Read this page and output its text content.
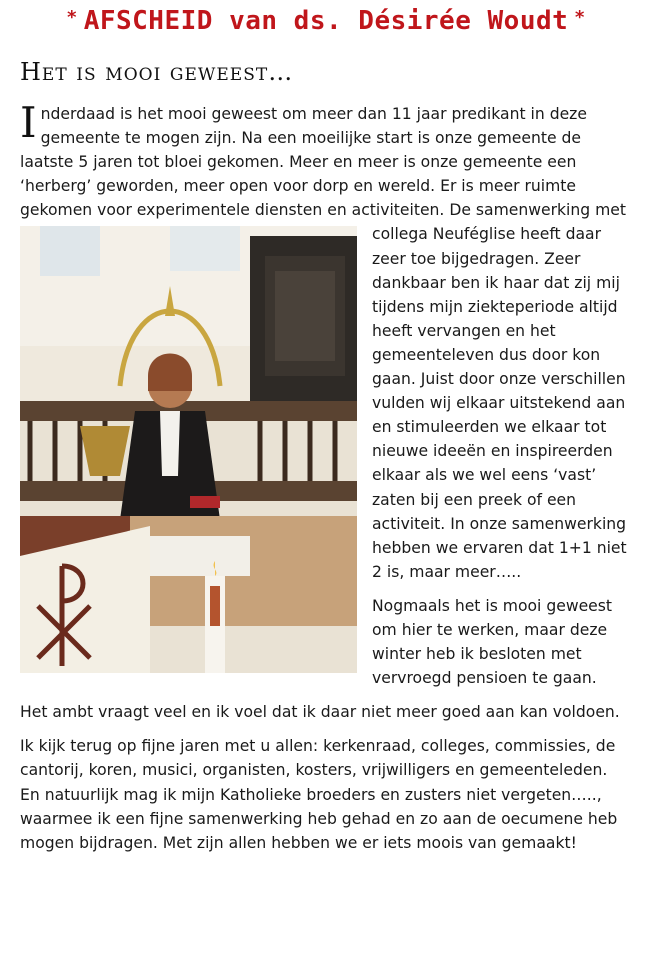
* AFSCHEID van ds. Désirée Woudt *
Het is mooi geweest…

I nderdaad is het mooi geweest om meer dan 11 jaar predikant in deze gemeente te mogen zijn. Na een moeilijke start is onze gemeente de laatste 5 jaren tot bloei gekomen. Meer en meer is onze gemeente een ‘herberg’ geworden, meer open voor dorp en wereld. Er is meer ruimte gekomen voor experimentele diensten en activiteiten. De samenwerking met collega Neuféglise heeft daar
zeer toe bijgedragen. Zeer dankbaar ben ik haar dat zij mij tijdens mijn ziekteperiode altijd heeft vervangen en het gemeenteleven dus door kon gaan. Juist door onze verschillen vulden wij elkaar uitstekend aan en stimuleerden we elkaar tot nieuwe ideeën en inspireerden elkaar als we wel eens ‘vast’ zaten bij een preek of een activiteit. In onze samenwerking hebben we ervaren dat 1+1 niet 2 is, maar meer…..

Nogmaals het is mooi geweest om hier te werken, maar deze winter heb ik besloten met vervroegd pensioen te gaan.

Het ambt vraagt veel en ik voel dat ik daar niet meer goed aan kan voldoen.

Ik kijk terug op fijne jaren met u allen: kerkenraad, colleges, commissies, de cantorij, koren, musici, organisten, kosters, vrijwilligers en gemeenteleden. En natuurlijk mag ik mijn Katholieke broeders en zusters niet vergeten….., waarmee ik een fijne samenwerking heb gehad en zo aan de oecumene heb mogen bijdragen. Met zijn allen hebben we er iets moois van gemaakt!
